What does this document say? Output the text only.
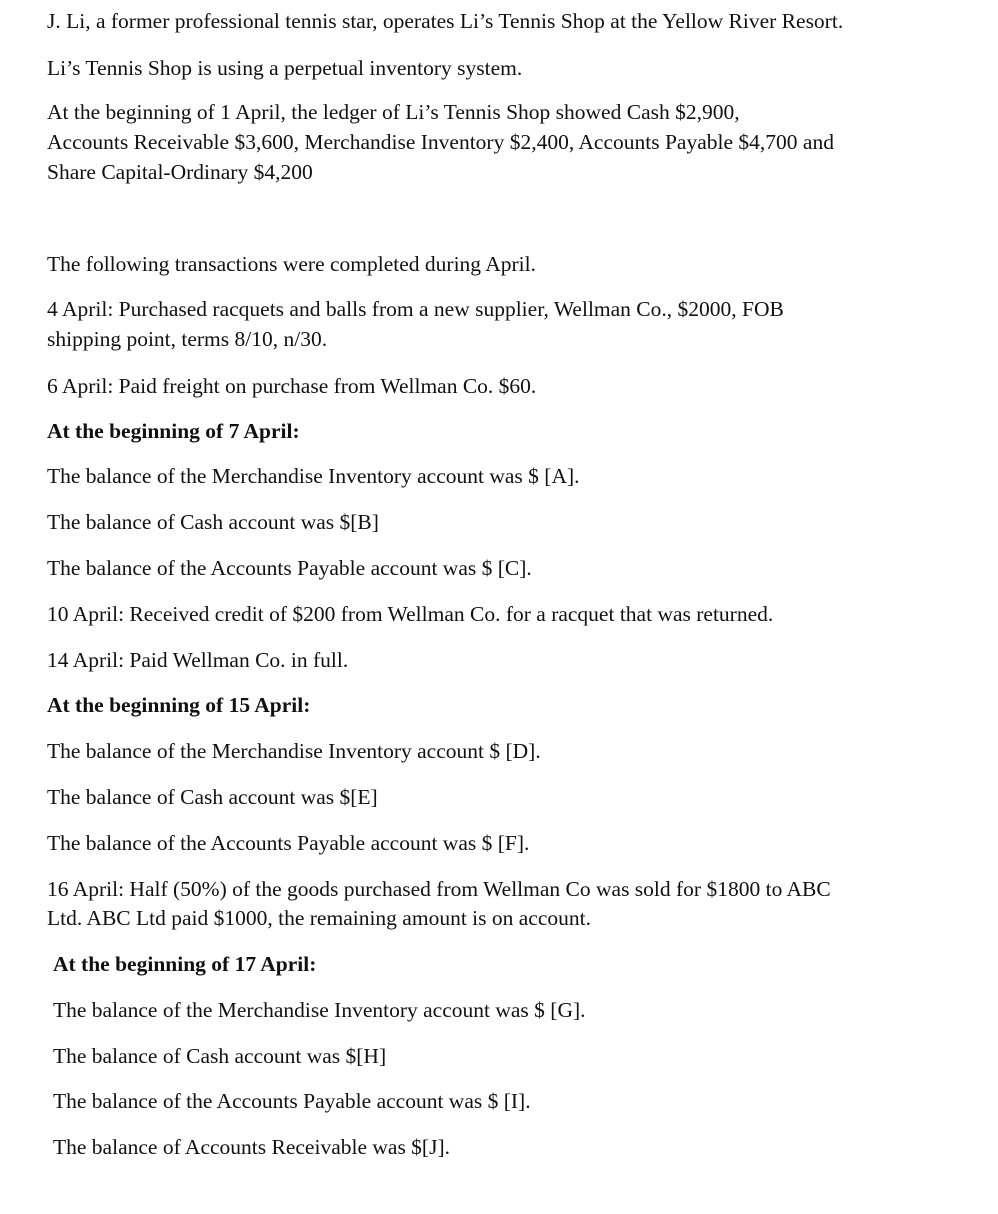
J. Li, a former professional tennis star, operates Li’s Tennis Shop at the Yellow River Resort.

Li’s Tennis Shop is using a perpetual inventory system.

At the beginning of 1 April, the ledger of Li’s Tennis Shop showed Cash $2,900,

Accounts Receivable $3,600, Merchandise Inventory $2,400, Accounts Payable $4,700 and

Share Capital-Ordinary $4,200

The following transactions were completed during April.

4 April: Purchased racquets and balls from a new supplier, Wellman Co., $2000, FOB

shipping point, terms 8/10, n/30.

6 April: Paid freight on purchase from Wellman Co. $60.

At the beginning of 7 April:

The balance of the Merchandise Inventory account was $ [A].

The balance of Cash account was $[B]

The balance of the Accounts Payable account was $ [C].

10 April: Received credit of $200 from Wellman Co. for a racquet that was returned.

14 April: Paid Wellman Co. in full.

At the beginning of 15 April:

The balance of the Merchandise Inventory account $ [D].

The balance of Cash account was $[E]

The balance of the Accounts Payable account was $ [F].

16 April: Half (50%) of the goods purchased from Wellman Co was sold for $1800 to ABC

Ltd. ABC Ltd paid $1000, the remaining amount is on account.

At the beginning of 17 April:

The balance of the Merchandise Inventory account was $ [G].

The balance of Cash account was $[H]

The balance of the Accounts Payable account was $ [I].

The balance of Accounts Receivable was $[J].
